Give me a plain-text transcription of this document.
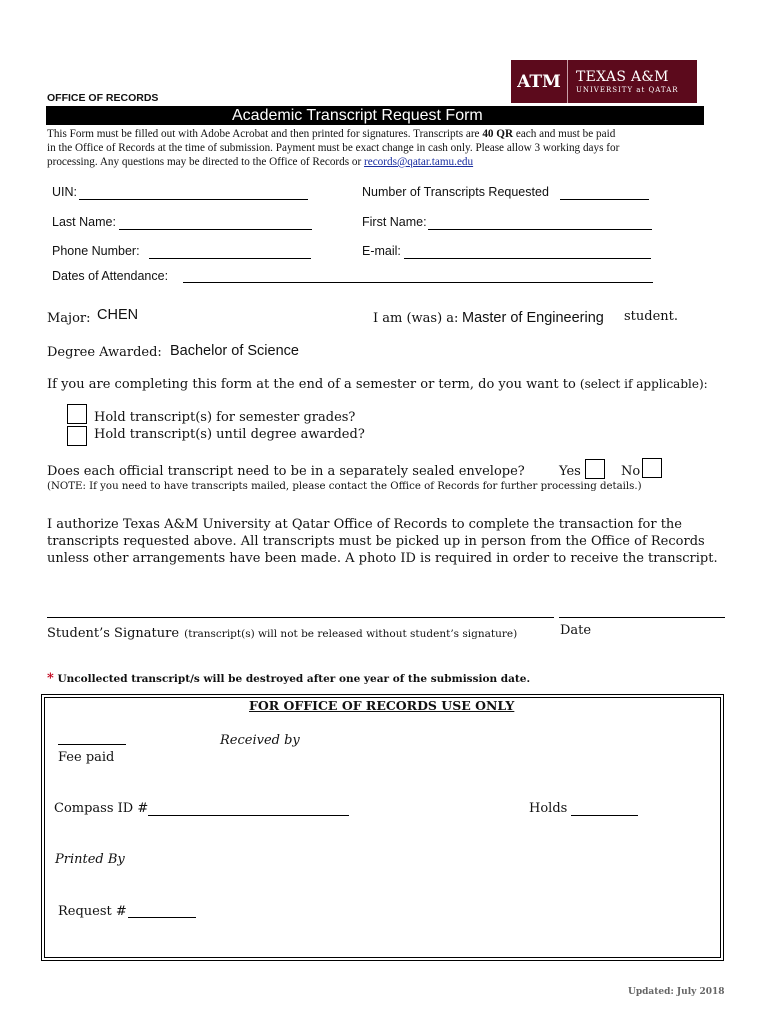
ATM	TEXAS A&M
UNIVERSITY at QATAR
OFFICE OF RECORDS
Academic Transcript Request Form
This Form must be filled out with Adobe Acrobat and then printed for signatures. Transcripts are 40 QR each and must be paid
in the Office of Records at the time of submission. Payment must be exact change in cash only. Please allow 3 working days for
processing. Any questions may be directed to the Office of Records or records@qatar.tamu.edu
UIN:	Number of Transcripts Requested
Last Name:	First Name:
Phone Number:	E-mail:
Dates of Attendance:
Major: CHEN	I am (was) a: Master of Engineering student.
Degree Awarded: Bachelor of Science
If you are completing this form at the end of a semester or term, do you want to (select if applicable):
Hold transcript(s) for semester grades?
Hold transcript(s) until degree awarded?
Does each official transcript need to be in a separately sealed envelope?	Yes	No
(NOTE: If you need to have transcripts mailed, please contact the Office of Records for further processing details.)
I authorize Texas A&M University at Qatar Office of Records to complete the transaction for the
transcripts requested above. All transcripts must be picked up in person from the Office of Records
unless other arrangements have been made. A photo ID is required in order to receive the transcript.
Student’s Signature (transcript(s) will not be released without student’s signature)	Date
* Uncollected transcript/s will be destroyed after one year of the submission date.
FOR OFFICE OF RECORDS USE ONLY
Fee paid
Received by
Compass ID #	Holds
Printed By
Request #
Updated: July 2018
